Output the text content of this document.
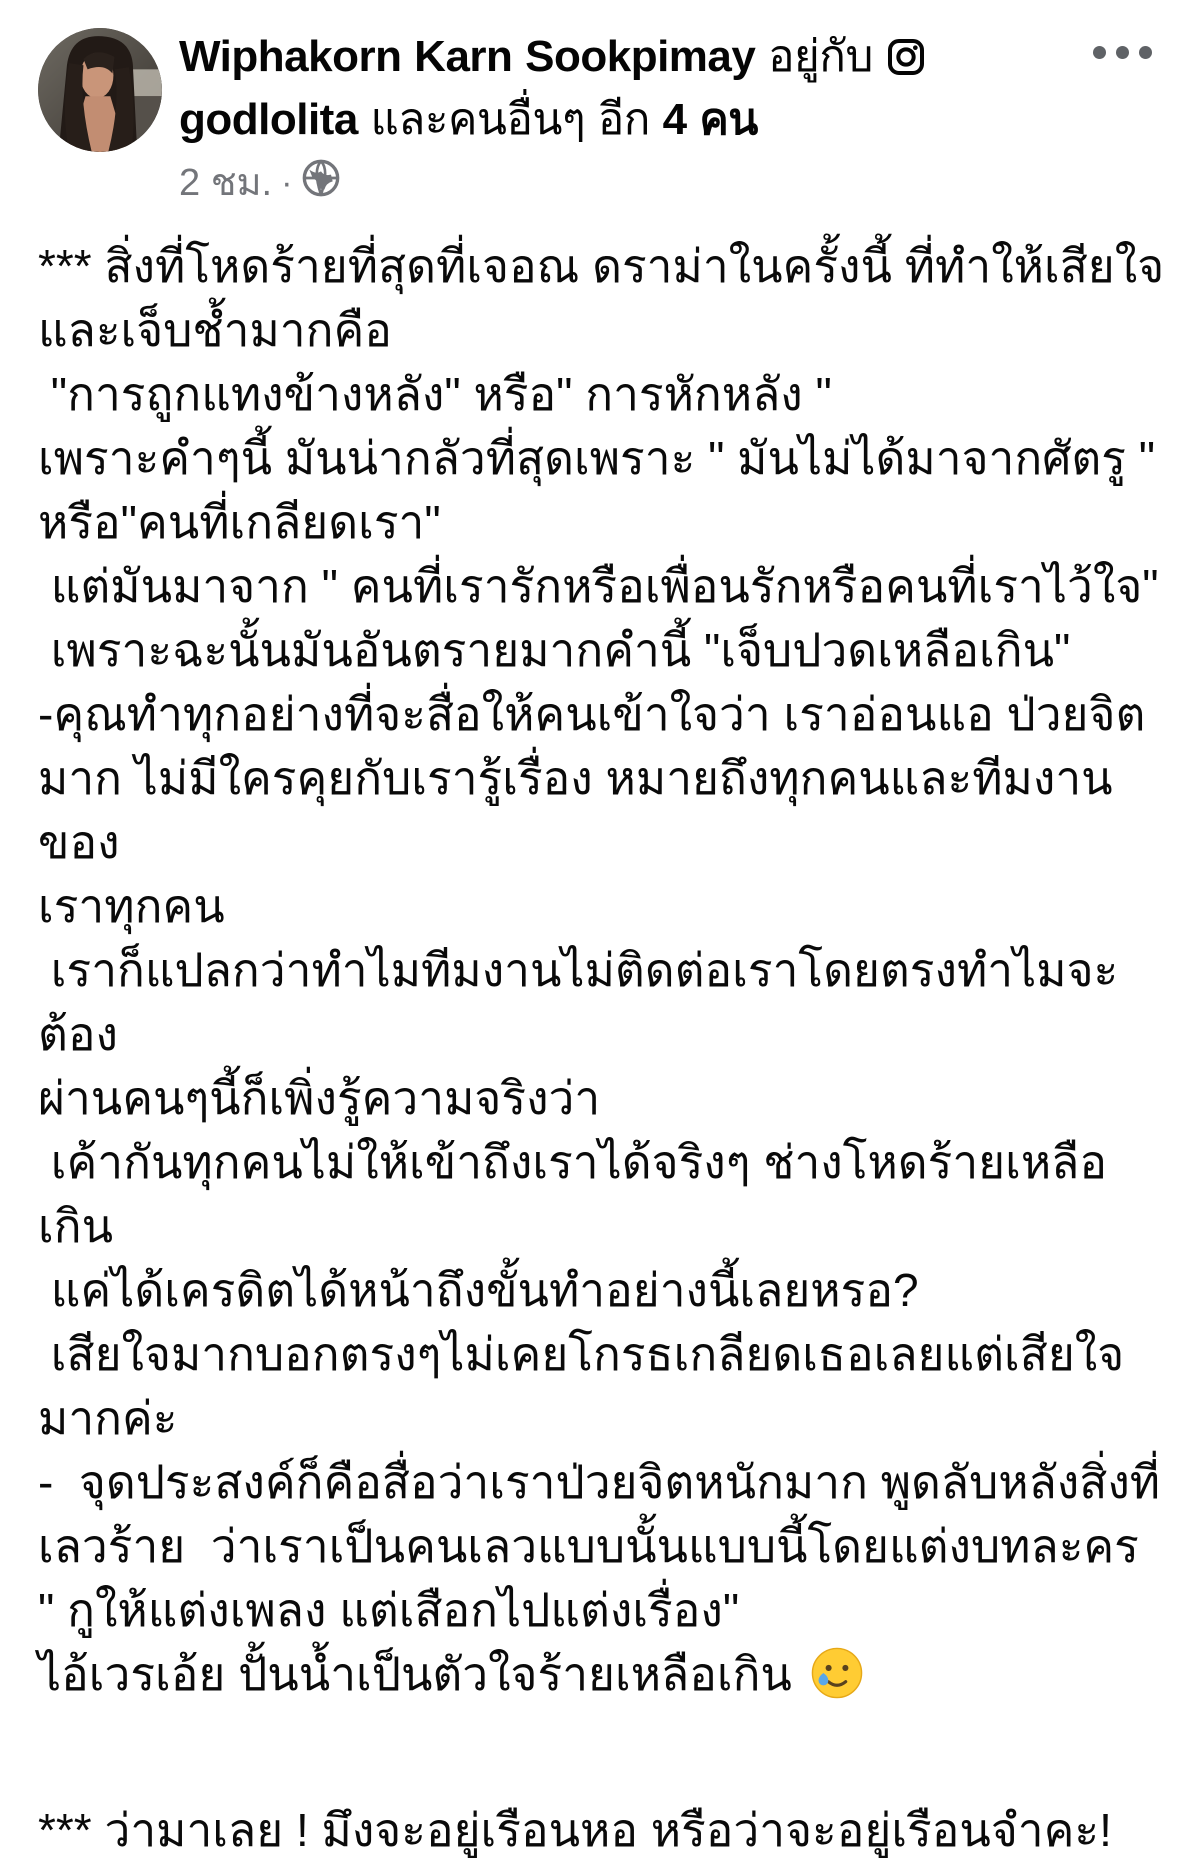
Wiphakorn Karn Sookpimay อยู่กับ godlolita และคนอื่นๆ อีก 4 คน
2 ชม. ·
*** สิ่งที่โหดร้ายที่สุดที่เจอณ ดราม่าในครั้งนี้ ที่ทำให้เสียใจ
และเจ็บช้ำมากคือ
"การถูกแทงข้างหลัง" หรือ" การหักหลัง "
เพราะคำๆนี้ มันน่ากลัวที่สุดเพราะ " มันไม่ได้มาจากศัตรู "
หรือ"คนที่เกลียดเรา"
แต่มันมาจาก " คนที่เรารักหรือเพื่อนรักหรือคนที่เราไว้ใจ"
เพราะฉะนั้นมันอันตรายมากคำนี้ "เจ็บปวดเหลือเกิน"
-คุณทำทุกอย่างที่จะสื่อให้คนเข้าใจว่า เราอ่อนแอ ป่วยจิต
มาก ไม่มีใครคุยกับเรารู้เรื่อง หมายถึงทุกคนและทีมงานของ
เราทุกคน
เราก็แปลกว่าทำไมทีมงานไม่ติดต่อเราโดยตรงทำไมจะต้อง
ผ่านคนๆนี้ก็เพิ่งรู้ความจริงว่า
เค้ากันทุกคนไม่ให้เข้าถึงเราได้จริงๆ ช่างโหดร้ายเหลือเกิน
แค่ได้เครดิตได้หน้าถึงขั้นทำอย่างนี้เลยหรอ?
เสียใจมากบอกตรงๆไม่เคยโกรธเกลียดเธอเลยแต่เสียใจ
มากค่ะ
-  จุดประสงค์ก็คือสื่อว่าเราป่วยจิตหนักมาก พูดลับหลังสิ่งที่
เลวร้าย  ว่าเราเป็นคนเลวแบบนั้นแบบนี้โดยแต่งบทละคร
" กูให้แต่งเพลง แต่เสือกไปแต่งเรื่อง"
ไอ้เวรเอ้ย ปั้นน้ำเป็นตัวใจร้ายเหลือเกิน
*** ว่ามาเลย ! มึงจะอยู่เรือนหอ หรือว่าจะอยู่เรือนจำคะ!
